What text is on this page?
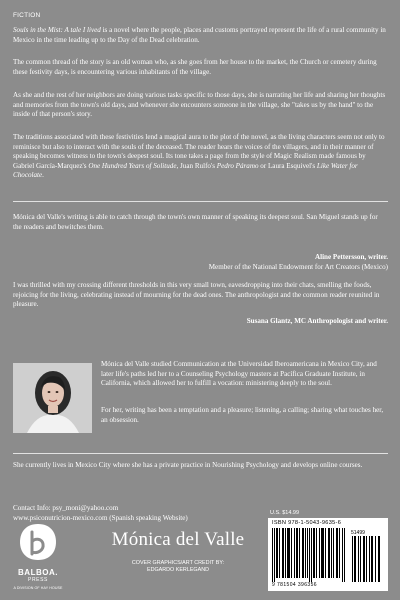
FICTION

Souls in the Mist: A tale I lived is a novel where the people, places and customs portrayed represent the life of a rural community in Mexico in the time leading up to the Day of the Dead celebration.

The common thread of the story is an old woman who, as she goes from her house to the market, the Church or cemetery during these festivity days, is encountering various inhabitants of the village.

As she and the rest of her neighbors are doing various tasks specific to those days, she is narrating her life and sharing her thoughts and memories from the town's old days, and whenever she encounters someone in the village, she "takes us by the hand" to the inside of that person's story.

The traditions associated with these festivities lend a magical aura to the plot of the novel, as the living characters seem not only to reminisce but also to interact with the souls of the deceased. The reader hears the voices of the villagers, and in their manner of speaking becomes witness to the town's deepest soul. Its tone takes a page from the style of Magic Realism made famous by Gabriel García-Marquez's One Hundred Years of Solitude, Juan Rulfo's Pedro Páramo or Laura Esquivel's Like Water for Chocolate.

Mónica del Valle's writing is able to catch through the town's own manner of speaking its deepest soul. San Miguel stands up for the readers and bewitches them.

Aline Pettersson, writer.
Member of the National Endowment for Art Creators (Mexico)

I was thrilled with my crossing different thresholds in this very small town, eavesdropping into their chats, smelling the foods, rejoicing for the living, celebrating instead of mourning for the dead ones. The anthropologist and the common reader reunited in pleasure.

Susana Glantz, MC Anthropologist and writer.

Mónica del Valle studied Communication at the Universidad Iberoamericana in Mexico City, and later life's paths led her to a Counseling Psychology masters at Pacífica Graduate Institute, in California, which allowed her to fulfill a vocation: ministering deeply to the soul.

For her, writing has been a temptation and a pleasure; listening, a calling; sharing what touches her, an obsession.

She currently lives in Mexico City where she has a private practice in Nourishing Psychology and develops online courses.

Contact Info: psy_moni@yahoo.com
www.psiconutricion-mexico.com (Spanish speaking Website)

BALBOA.
PRESS
A DIVISION OF HAY HOUSE
Mónica del Valle
COVER GRAPHICS/ART CREDIT BY:
EDGARDO KERLEGAND
U.S. $14.99
ISBN 978-1-5043-9635-6
51499
9 781504 396356
